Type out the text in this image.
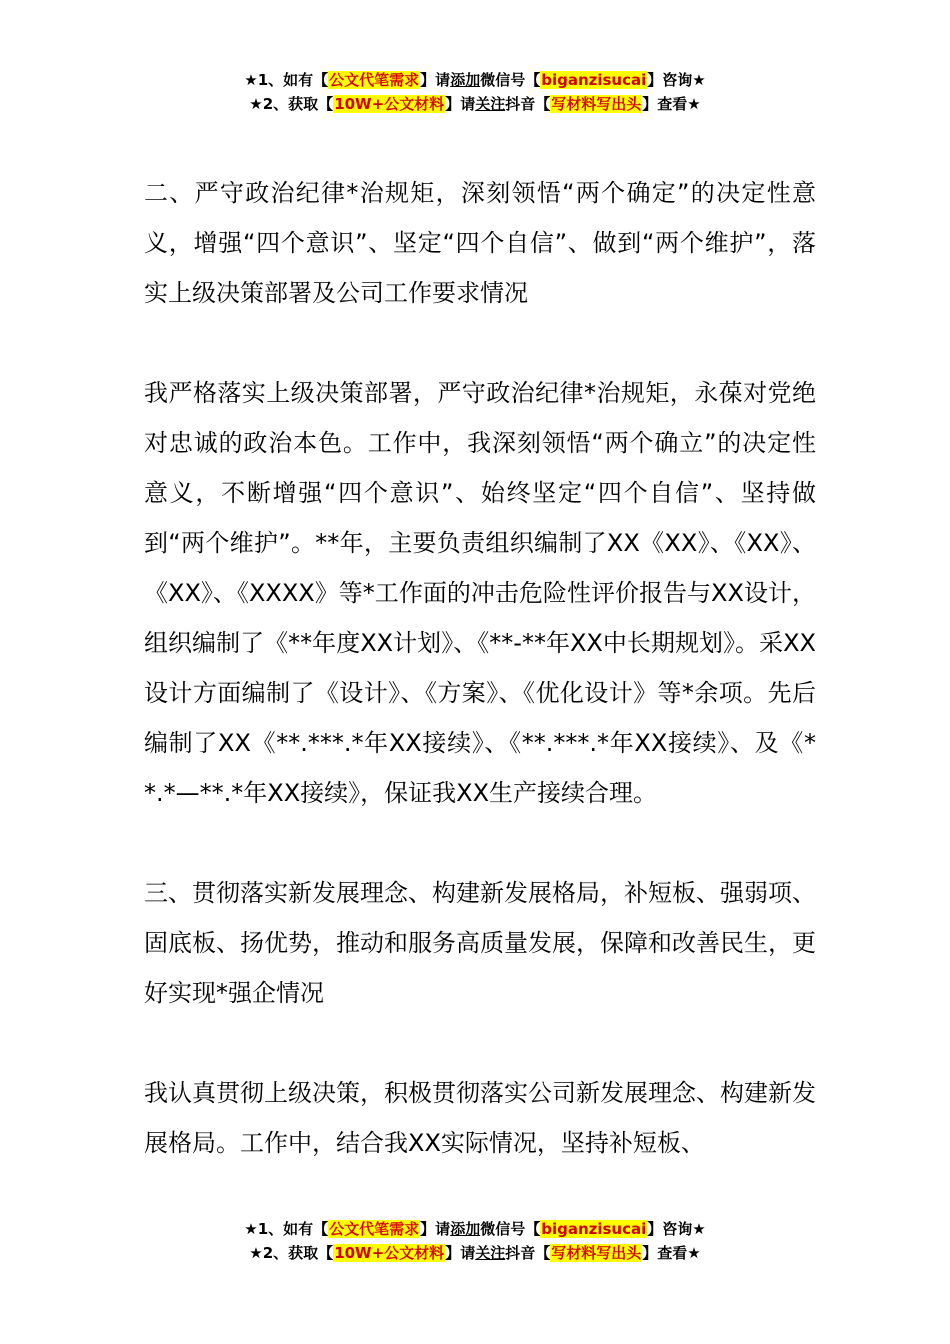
★1、如有【公文代笔需求】请添加微信号【biganzisucai】咨询★
★2、获取【10W+公文材料】请关注抖音【写材料写出头】查看★

二、严守政治纪律*治规矩，深刻领悟“两个确定”的决定性意义，增强“四个意识”、坚定“四个自信”、做到“两个维护”，落实上级决策部署及公司工作要求情况

我严格落实上级决策部署，严守政治纪律*治规矩，永葆对党绝对忠诚的政治本色。工作中，我深刻领悟“两个确立”的决定性意义，不断增强“四个意识”、始终坚定“四个自信”、坚持做到“两个维护”。**年，主要负责组织编制了XX《XX》、《XX》、《XX》、《XXXX》等*工作面的冲击危险性评价报告与XX设计，组织编制了《**年度XX计划》、《**-**年XX中长期规划》。采XX设计方面编制了《设计》、《方案》、《优化设计》等*余项。先后编制了XX《**.***.*年XX接续》、《**.***.*年XX接续》、及《**.*—**.*年XX接续》，保证我XX生产接续合理。

三、贯彻落实新发展理念、构建新发展格局，补短板、强弱项、固底板、扬优势，推动和服务高质量发展，保障和改善民生，更好实现*强企情况

我认真贯彻上级决策，积极贯彻落实公司新发展理念、构建新发展格局。工作中，结合我XX实际情况，坚持补短板、

★1、如有【公文代笔需求】请添加微信号【biganzisucai】咨询★
★2、获取【10W+公文材料】请关注抖音【写材料写出头】查看★
